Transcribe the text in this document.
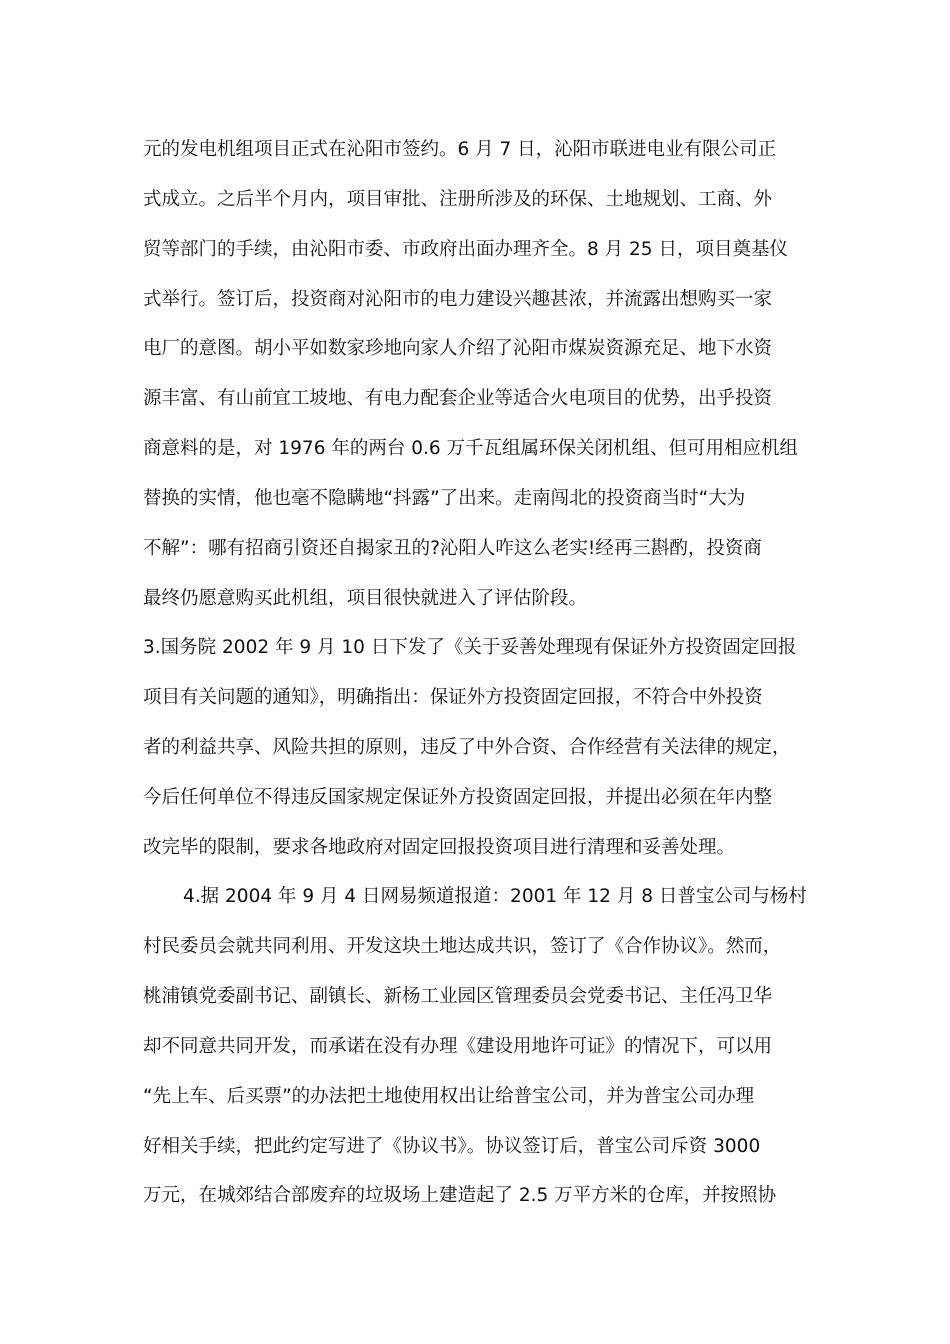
元的发电机组项目正式在沁阳市签约。6 月 7 日，沁阳市联进电业有限公司正
式成立。之后半个月内，项目审批、注册所涉及的环保、土地规划、工商、外
贸等部门的手续，由沁阳市委、市政府出面办理齐全。8 月 25 日，项目奠基仪
式举行。签订后，投资商对沁阳市的电力建设兴趣甚浓，并流露出想购买一家
电厂的意图。胡小平如数家珍地向家人介绍了沁阳市煤炭资源充足、地下水资
源丰富、有山前宜工坡地、有电力配套企业等适合火电项目的优势，出乎投资
商意料的是，对 1976 年的两台 0.6 万千瓦组属环保关闭机组、但可用相应机组
替换的实情，他也毫不隐瞒地“抖露”了出来。走南闯北的投资商当时“大为
不解”：哪有招商引资还自揭家丑的?沁阳人咋这么老实!经再三斟酌，投资商
最终仍愿意购买此机组，项目很快就进入了评估阶段。
3.国务院 2002 年 9 月 10 日下发了《关于妥善处理现有保证外方投资固定回报
项目有关问题的通知》，明确指出：保证外方投资固定回报，不符合中外投资
者的利益共享、风险共担的原则，违反了中外合资、合作经营有关法律的规定，
今后任何单位不得违反国家规定保证外方投资固定回报，并提出必须在年内整
改完毕的限制，要求各地政府对固定回报投资项目进行清理和妥善处理。
4.据 2004 年 9 月 4 日网易频道报道：2001 年 12 月 8 日普宝公司与杨村
村民委员会就共同利用、开发这块土地达成共识，签订了《合作协议》。然而，
桃浦镇党委副书记、副镇长、新杨工业园区管理委员会党委书记、主任冯卫华
却不同意共同开发，而承诺在没有办理《建设用地许可证》的情况下，可以用
“先上车、后买票”的办法把土地使用权出让给普宝公司，并为普宝公司办理
好相关手续，把此约定写进了《协议书》。协议签订后，普宝公司斥资 3000
万元，在城郊结合部废弃的垃圾场上建造起了 2.5 万平方米的仓库，并按照协
